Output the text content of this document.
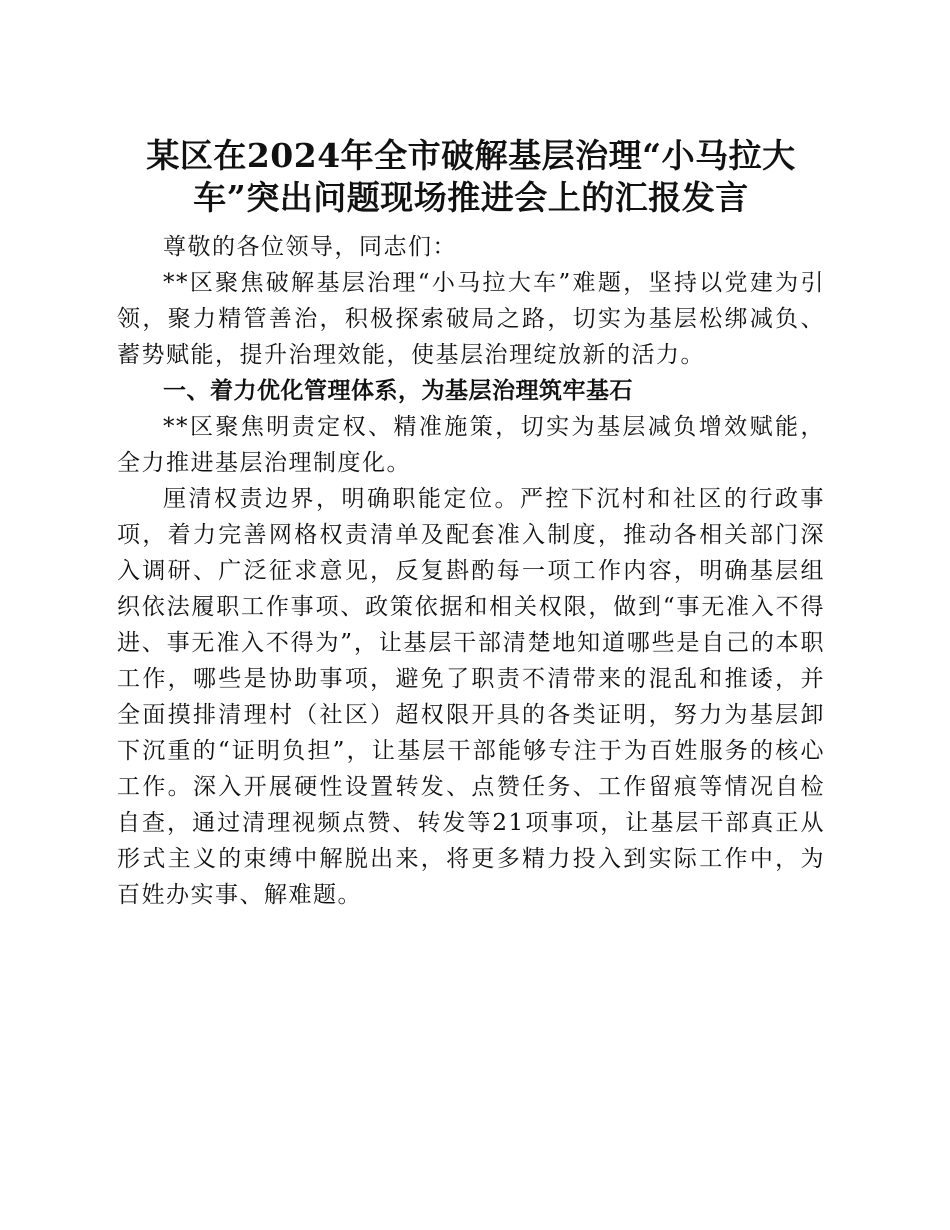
某区在2024年全市破解基层治理“小马拉大
车”突出问题现场推进会上的汇报发言

尊敬的各位领导，同志们：

**区聚焦破解基层治理“小马拉大车”难题，坚持以党建为引领，聚力精管善治，积极探索破局之路，切实为基层松绑减负、蓄势赋能，提升治理效能，使基层治理绽放新的活力。

一、着力优化管理体系，为基层治理筑牢基石

**区聚焦明责定权、精准施策，切实为基层减负增效赋能，全力推进基层治理制度化。

厘清权责边界，明确职能定位。严控下沉村和社区的行政事项，着力完善网格权责清单及配套准入制度，推动各相关部门深入调研、广泛征求意见，反复斟酌每一项工作内容，明确基层组织依法履职工作事项、政策依据和相关权限，做到“事无准入不得进、事无准入不得为”，让基层干部清楚地知道哪些是自己的本职工作，哪些是协助事项，避免了职责不清带来的混乱和推诿，并全面摸排清理村（社区）超权限开具的各类证明，努力为基层卸下沉重的“证明负担”，让基层干部能够专注于为百姓服务的核心工作。深入开展硬性设置转发、点赞任务、工作留痕等情况自检自查，通过清理视频点赞、转发等21项事项，让基层干部真正从形式主义的束缚中解脱出来，将更多精力投入到实际工作中，为百姓办实事、解难题。
